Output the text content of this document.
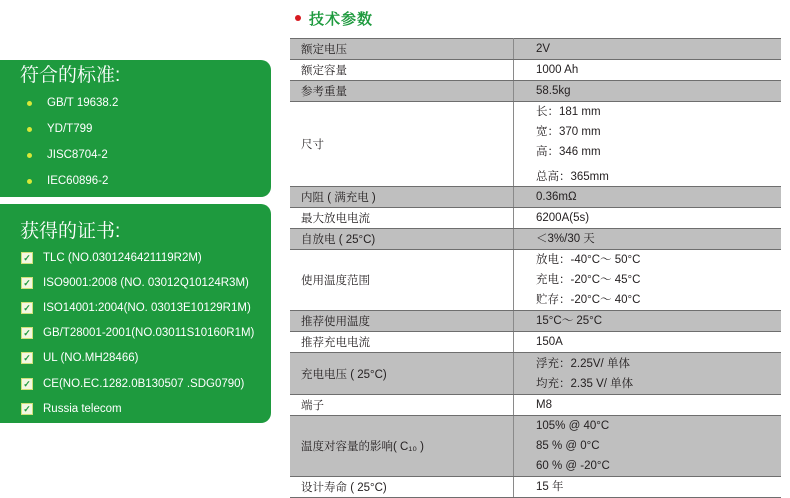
符合的标准:
GB/T 19638.2
YD/T799
JISC8704-2
IEC60896-2
获得的证书:
✓ TLC (NO.0301246421119R2M)
✓ ISO9001:2008 (NO. 03012Q10124R3M)
✓ ISO14001:2004(NO. 03013E10129R1M)
✓ GB/T28001-2001(NO.03011S10160R1M)
✓ UL (NO.MH28466)
✓ CE(NO.EC.1282.0B130507 .SDG0790)
✓ Russia telecom
技术参数
额定电压	2V

额定容量	1000 Ah

参考重量	58.5kg

尺寸	长：181 mm
宽：370 mm
高：346 mm
总高：365mm

内阻 ( 满充电 )	0.36mΩ

最大放电电流	6200A(5s)

自放电 ( 25°C)	＜3%/30 天

使用温度范围	放电：-40°C～ 50°C
充电：-20°C～ 45°C
贮存：-20°C～ 40°C

推荐使用温度	15°C～ 25°C

推荐充电电流	150A

充电电压 ( 25°C)	浮充：2.25V/ 单体
均充：2.35 V/ 单体

端子	M8

温度对容量的影响( C₁₀ )	105% @ 40°C
85 % @ 0°C
60 % @ -20°C

设计寿命 ( 25°C)	15 年
